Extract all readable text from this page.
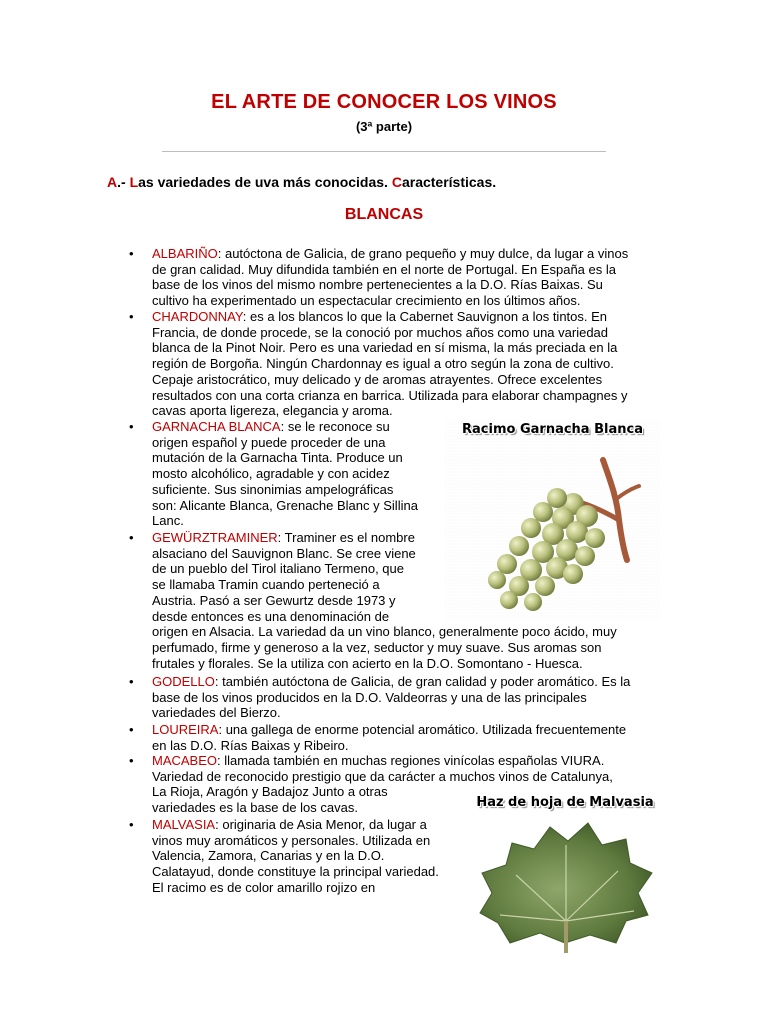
EL ARTE DE CONOCER LOS VINOS
(3ª parte)
A.- Las variedades de uva más conocidas. Características.
BLANCAS
• ALBARIÑO: autóctona de Galicia, de grano pequeño y muy dulce, da lugar a vinos
de gran calidad. Muy difundida también en el norte de Portugal. En España es la
base de los vinos del mismo nombre pertenecientes a la D.O. Rías Baixas. Su
cultivo ha experimentado un espectacular crecimiento en los últimos años.
• CHARDONNAY: es a los blancos lo que la Cabernet Sauvignon a los tintos. En
Francia, de donde procede, se la conoció por muchos años como una variedad
blanca de la Pinot Noir. Pero es una variedad en sí misma, la más preciada en la
región de Borgoña. Ningún Chardonnay es igual a otro según la zona de cultivo.
Cepaje aristocrático, muy delicado y de aromas atrayentes. Ofrece excelentes
resultados con una corta crianza en barrica. Utilizada para elaborar champagnes y
cavas aporta ligereza, elegancia y aroma.
• GARNACHA BLANCA: se le reconoce su
origen español y puede proceder de una
mutación de la Garnacha Tinta. Produce un
mosto alcohólico, agradable y con acidez
suficiente. Sus sinonimias ampelográficas
son: Alicante Blanca, Grenache Blanc y Sillina
Lanc.
• GEWÜRZTRAMINER: Traminer es el nombre
alsaciano del Sauvignon Blanc. Se cree viene
de un pueblo del Tirol italiano Termeno, que
se llamaba Tramin cuando perteneció a
Austria. Pasó a ser Gewurtz desde 1973 y
desde entonces es una denominación de
origen en Alsacia. La variedad da un vino blanco, generalmente poco ácido, muy
perfumado, firme y generoso a la vez, seductor y muy suave. Sus aromas son
frutales y florales. Se la utiliza con acierto en la D.O. Somontano - Huesca.
• GODELLO: también autóctona de Galicia, de gran calidad y poder aromático. Es la
base de los vinos producidos en la D.O. Valdeorras y una de las principales
variedades del Bierzo.
• LOUREIRA: una gallega de enorme potencial aromático. Utilizada frecuentemente
en las D.O. Rías Baixas y Ribeiro.
• MACABEO: llamada también en muchas regiones vinícolas españolas VIURA.
Variedad de reconocido prestigio que da carácter a muchos vinos de Catalunya,
La Rioja, Aragón y Badajoz Junto a otras
variedades es la base de los cavas.
• MALVASIA: originaria de Asia Menor, da lugar a
vinos muy aromáticos y personales. Utilizada en
Valencia, Zamora, Canarias y en la D.O.
Calatayud, donde constituye la principal variedad.
El racimo es de color amarillo rojizo en
Racimo Garnacha Blanca
Haz de hoja de Malvasia
